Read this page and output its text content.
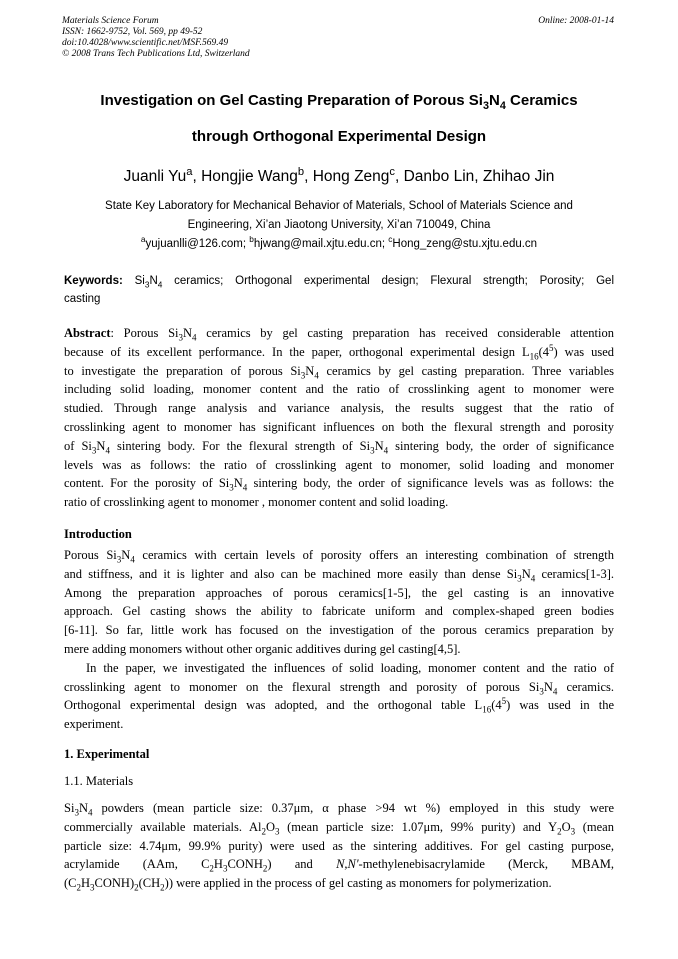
Materials Science Forum
ISSN: 1662-9752, Vol. 569, pp 49-52
doi:10.4028/www.scientific.net/MSF.569.49
© 2008 Trans Tech Publications Ltd, Switzerland
Online: 2008-01-14
Investigation on Gel Casting Preparation of Porous $Si_3N_4$ Ceramics
through Orthogonal Experimental Design
Juanli Yu$^a$, Hongjie Wang$^b$, Hong Zeng$^c$, Danbo Lin, Zhihao Jin
State Key Laboratory for Mechanical Behavior of Materials, School of Materials Science and
Engineering, Xi’an Jiaotong University, Xi’an 710049, China
$^a$yujuanlli@126.com; $^b$hjwang@mail.xjtu.edu.cn; $^c$Hong_zeng@stu.xjtu.edu.cn
Keywords: $Si_3N_4$ ceramics; Orthogonal experimental design; Flexural strength; Porosity; Gel
casting
Abstract: Porous $Si_3N_4$ ceramics by gel casting preparation has received considerable attention
because of its excellent performance. In the paper, orthogonal experimental design $L_{16}(4^5)$ was used
to investigate the preparation of porous $Si_3N_4$ ceramics by gel casting preparation. Three variables
including solid loading, monomer content and the ratio of crosslinking agent to monomer were
studied. Through range analysis and variance analysis, the results suggest that the ratio of
crosslinking agent to monomer has significant influences on both the flexural strength and porosity
of $Si_3N_4$ sintering body. For the flexural strength of $Si_3N_4$ sintering body, the order of significance
levels was as follows: the ratio of crosslinking agent to monomer, solid loading and monomer
content. For the porosity of $Si_3N_4$ sintering body, the order of significance levels was as follows: the
ratio of crosslinking agent to monomer , monomer content and solid loading.
Introduction
Porous $Si_3N_4$ ceramics with certain levels of porosity offers an interesting combination of strength
and stiffness, and it is lighter and also can be machined more easily than dense $Si_3N_4$ ceramics[1-3].
Among the preparation approaches of porous ceramics[1-5], the gel casting is an innovative
approach. Gel casting shows the ability to fabricate uniform and complex-shaped green bodies
[6-11]. So far, little work has focused on the investigation of the porous ceramics preparation by
mere adding monomers without other organic additives during gel casting[4,5].
In the paper, we investigated the influences of solid loading, monomer content and the ratio of
crosslinking agent to monomer on the flexural strength and porosity of porous $Si_3N_4$ ceramics.
Orthogonal experimental design was adopted, and the orthogonal table $L_{16}(4^5)$ was used in the
experiment.
1. Experimental
1.1. Materials
$Si_3N_4$ powders (mean particle size: 0.37μm, α phase >94 wt %) employed in this study were
commercially available materials. $Al_2O_3$ (mean particle size: 1.07μm, 99% purity) and $Y_2O_3$ (mean
particle size: 4.74μm, 99.9% purity) were used as the sintering additives. For gel casting purpose,
acrylamide (AAm, $C_2H_3CONH_2$) and N,N'-methylenebisacrylamide (Merck, MBAM,
$(C_2H_3CONH)_2(CH_2)$) were applied in the process of gel casting as monomers for polymerization.
